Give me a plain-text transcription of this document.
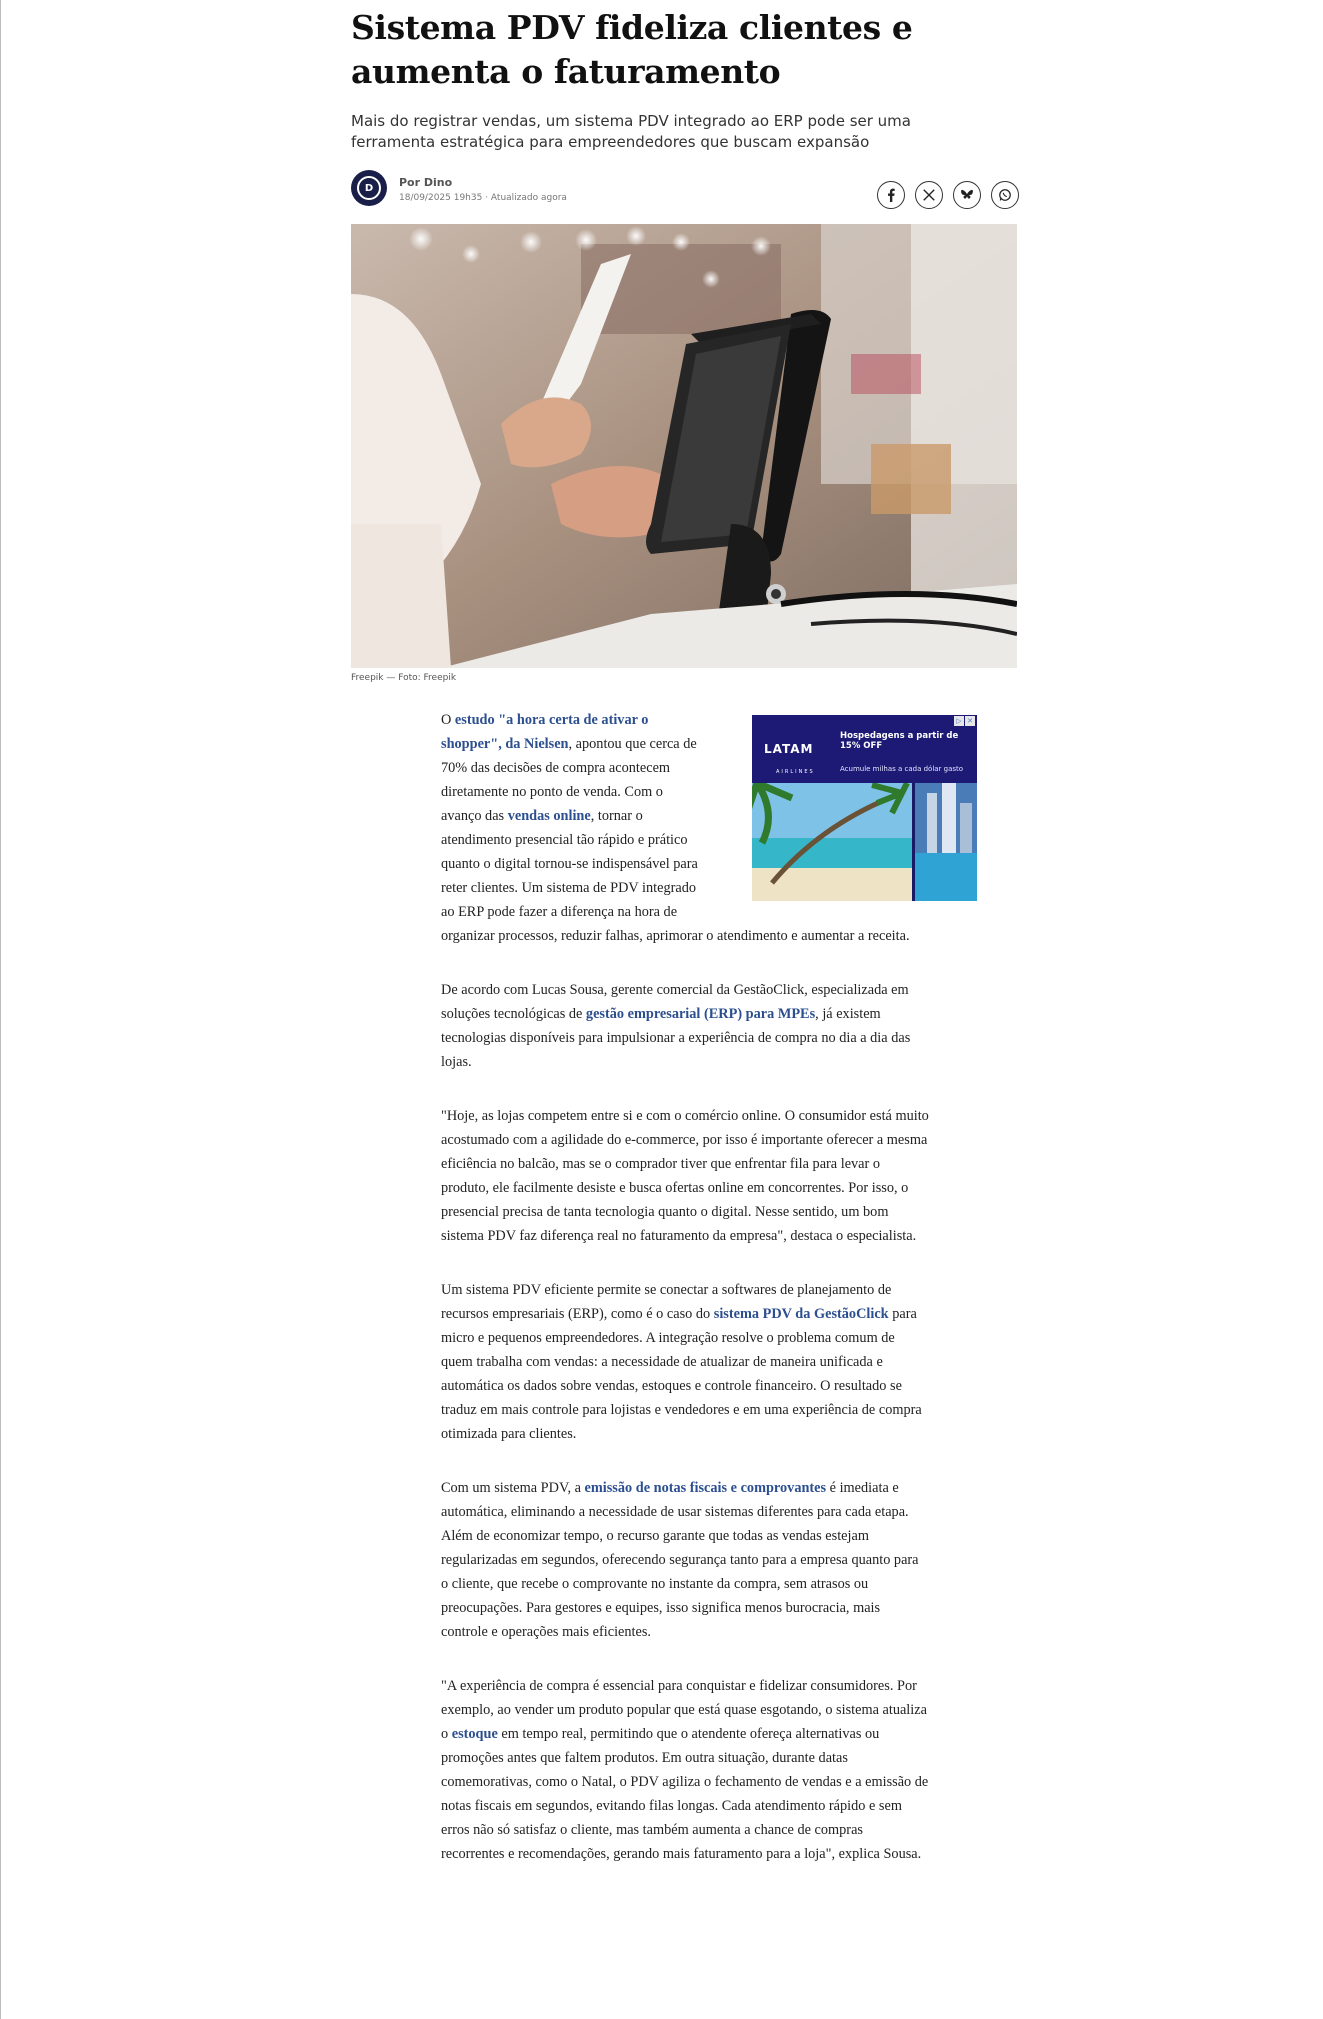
Sistema PDV fideliza clientes e aumenta o faturamento

Mais do registrar vendas, um sistema PDV integrado ao ERP pode ser uma ferramenta estratégica para empreendedores que buscam expansão

D	Por Dino
18/09/2025 19h35 · Atualizado agora
Freepik — Foto: Freepik
LATAM
AIRLINES
Hospedagens a partir de 15% OFF
Acumule milhas a cada dólar gasto
▷ ✕

O estudo "a hora certa de ativar o shopper", da Nielsen, apontou que cerca de 70% das decisões de compra acontecem diretamente no ponto de venda. Com o avanço das vendas online, tornar o atendimento presencial tão rápido e prático quanto o digital tornou-se indispensável para reter clientes. Um sistema de PDV integrado ao ERP pode fazer a diferença na hora de organizar processos, reduzir falhas, aprimorar o atendimento e aumentar a receita.

De acordo com Lucas Sousa, gerente comercial da GestãoClick, especializada em soluções tecnológicas de gestão empresarial (ERP) para MPEs, já existem tecnologias disponíveis para impulsionar a experiência de compra no dia a dia das lojas.

"Hoje, as lojas competem entre si e com o comércio online. O consumidor está muito acostumado com a agilidade do e-commerce, por isso é importante oferecer a mesma eficiência no balcão, mas se o comprador tiver que enfrentar fila para levar o produto, ele facilmente desiste e busca ofertas online em concorrentes. Por isso, o presencial precisa de tanta tecnologia quanto o digital. Nesse sentido, um bom sistema PDV faz diferença real no faturamento da empresa", destaca o especialista.

Um sistema PDV eficiente permite se conectar a softwares de planejamento de recursos empresariais (ERP), como é o caso do sistema PDV da GestãoClick para micro e pequenos empreendedores. A integração resolve o problema comum de quem trabalha com vendas: a necessidade de atualizar de maneira unificada e automática os dados sobre vendas, estoques e controle financeiro. O resultado se traduz em mais controle para lojistas e vendedores e em uma experiência de compra otimizada para clientes.

Com um sistema PDV, a emissão de notas fiscais e comprovantes é imediata e automática, eliminando a necessidade de usar sistemas diferentes para cada etapa. Além de economizar tempo, o recurso garante que todas as vendas estejam regularizadas em segundos, oferecendo segurança tanto para a empresa quanto para o cliente, que recebe o comprovante no instante da compra, sem atrasos ou preocupações. Para gestores e equipes, isso significa menos burocracia, mais controle e operações mais eficientes.

"A experiência de compra é essencial para conquistar e fidelizar consumidores. Por exemplo, ao vender um produto popular que está quase esgotando, o sistema atualiza o estoque em tempo real, permitindo que o atendente ofereça alternativas ou promoções antes que faltem produtos. Em outra situação, durante datas comemorativas, como o Natal, o PDV agiliza o fechamento de vendas e a emissão de notas fiscais em segundos, evitando filas longas. Cada atendimento rápido e sem erros não só satisfaz o cliente, mas também aumenta a chance de compras recorrentes e recomendações, gerando mais faturamento para a loja", explica Sousa.
